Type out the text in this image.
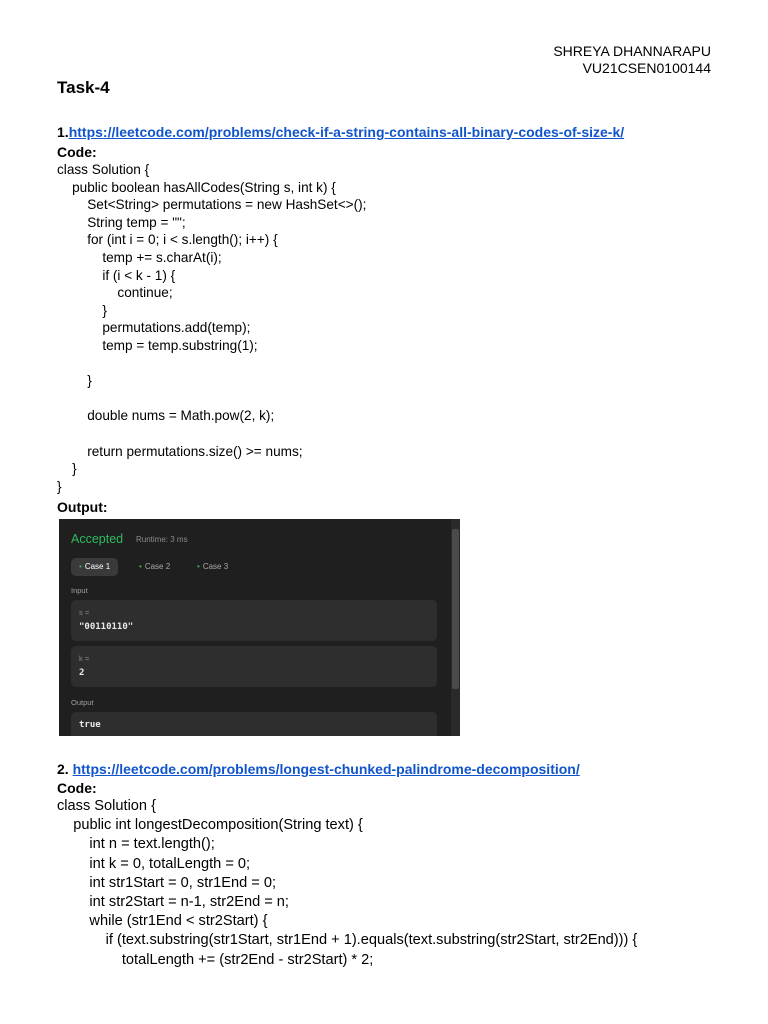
SHREYA DHANNARAPU
VU21CSEN0100144
Task-4
1.https://leetcode.com/problems/check-if-a-string-contains-all-binary-codes-of-size-k/
Code:
class Solution {
public boolean hasAllCodes(String s, int k) {
Set<String> permutations = new HashSet<>();
String temp = "";
for (int i = 0; i < s.length(); i++) {
temp += s.charAt(i);
if (i < k - 1) {
continue;
}
permutations.add(temp);
temp = temp.substring(1);
}
double nums = Math.pow(2, k);
return permutations.size() >= nums;
}
}
Output:
Accepted Runtime: 3 ms
• Case 1	• Case 2	• Case 3
Input
s =
"00110110"
k =
2
Output
true
2. https://leetcode.com/problems/longest-chunked-palindrome-decomposition/
Code:
class Solution {
public int longestDecomposition(String text) {
int n = text.length();
int k = 0, totalLength = 0;
int str1Start = 0, str1End = 0;
int str2Start = n-1, str2End = n;
while (str1End < str2Start) {
if (text.substring(str1Start, str1End + 1).equals(text.substring(str2Start, str2End))) {
totalLength += (str2End - str2Start) * 2;
